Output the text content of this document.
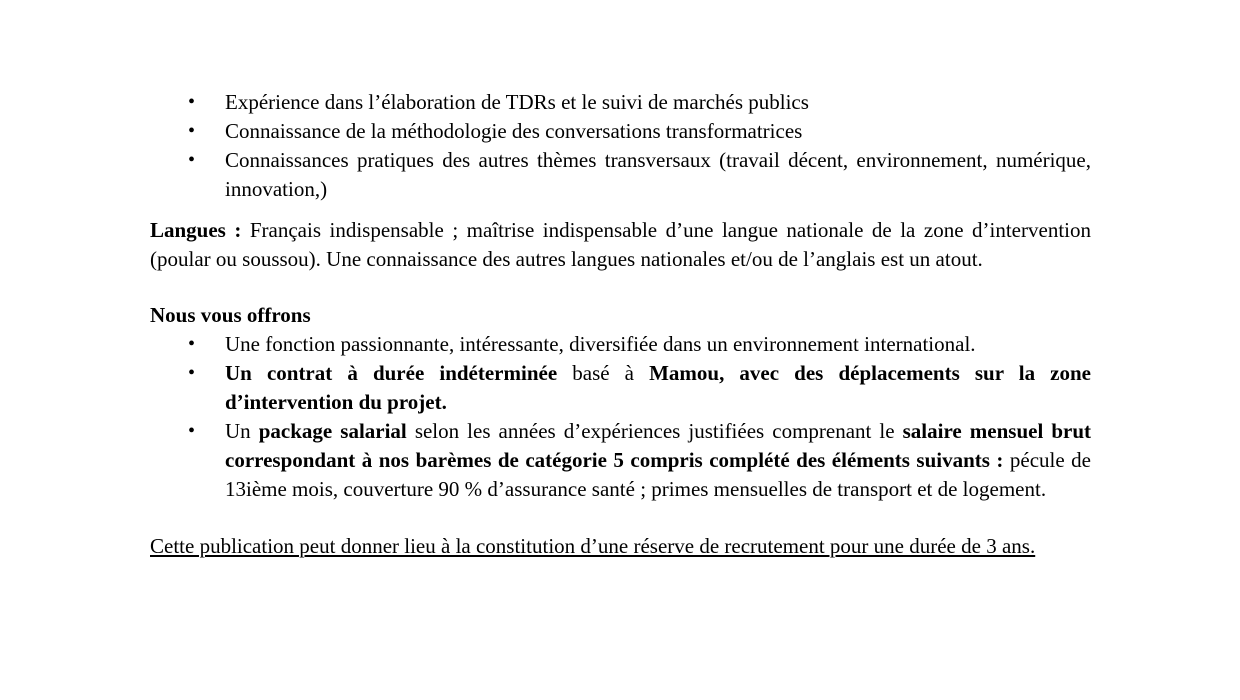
• Expérience dans l’élaboration de TDRs et le suivi de marchés publics
• Connaissance de la méthodologie des conversations transformatrices
• Connaissances pratiques des autres thèmes transversaux (travail décent, environnement, numérique, innovation,)

Langues : Français indispensable ; maîtrise indispensable d’une langue nationale de la zone d’intervention (poular ou soussou). Une connaissance des autres langues nationales et/ou de l’anglais est un atout.

Nous vous offrons

• Une fonction passionnante, intéressante, diversifiée dans un environnement international.
• Un contrat à durée indéterminée basé à Mamou, avec des déplacements sur la zone d’intervention du projet.
• Un package salarial selon les années d’expériences justifiées comprenant le salaire mensuel brut correspondant à nos barèmes de catégorie 5 compris complété des éléments suivants : pécule de 13ième mois, couverture 90 % d’assurance santé ; primes mensuelles de transport et de logement.

Cette publication peut donner lieu à la constitution d’une réserve de recrutement pour une durée de 3 ans.
